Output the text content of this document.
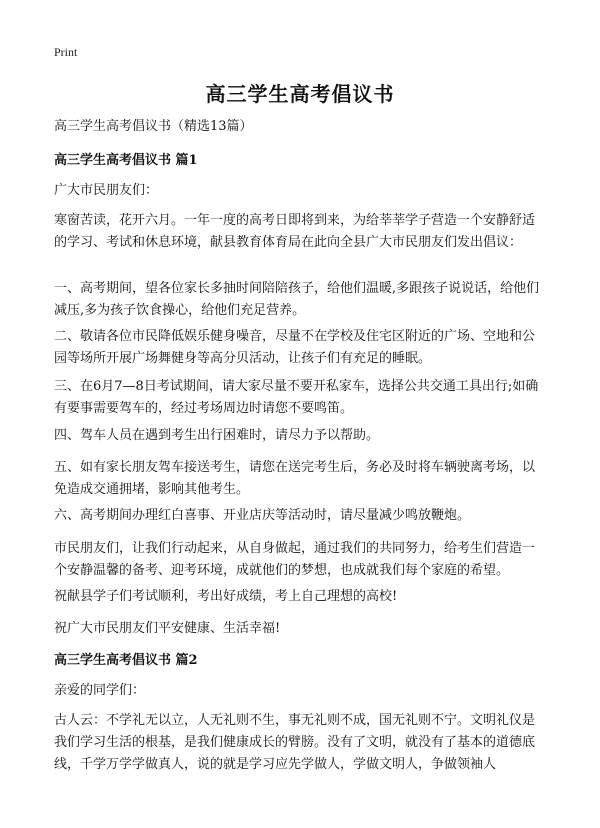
Print
高三学生高考倡议书
高三学生高考倡议书（精选13篇）
高三学生高考倡议书 篇1
广大市民朋友们：
寒窗苦读，花开六月。一年一度的高考日即将到来，为给莘莘学子营造一个安静舒适的学习、考试和休息环境，献县教育体育局在此向全县广大市民朋友们发出倡议：
一、高考期间，望各位家长多抽时间陪陪孩子，给他们温暖,多跟孩子说说话，给他们减压,多为孩子饮食操心，给他们充足营养。
二、敬请各位市民降低娱乐健身噪音，尽量不在学校及住宅区附近的广场、空地和公园等场所开展广场舞健身等高分贝活动，让孩子们有充足的睡眠。
三、在6月7—8日考试期间，请大家尽量不要开私家车，选择公共交通工具出行;如确有要事需要驾车的，经过考场周边时请您不要鸣笛。
四、驾车人员在遇到考生出行困难时，请尽力予以帮助。
五、如有家长朋友驾车接送考生，请您在送完考生后，务必及时将车辆驶离考场，以免造成交通拥堵，影响其他考生。
六、高考期间办理红白喜事、开业店庆等活动时，请尽量减少鸣放鞭炮。
市民朋友们，让我们行动起来，从自身做起，通过我们的共同努力，给考生们营造一个安静温馨的备考、迎考环境，成就他们的梦想，也成就我们每个家庭的希望。
祝献县学子们考试顺利，考出好成绩，考上自己理想的高校!
祝广大市民朋友们平安健康、生活幸福!
高三学生高考倡议书 篇2
亲爱的同学们：
古人云：不学礼无以立，人无礼则不生，事无礼则不成，国无礼则不宁。文明礼仪是我们学习生活的根基，是我们健康成长的臂膀。没有了文明，就没有了基本的道德底线，千学万学学做真人，说的就是学习应先学做人，学做文明人，争做领袖人
